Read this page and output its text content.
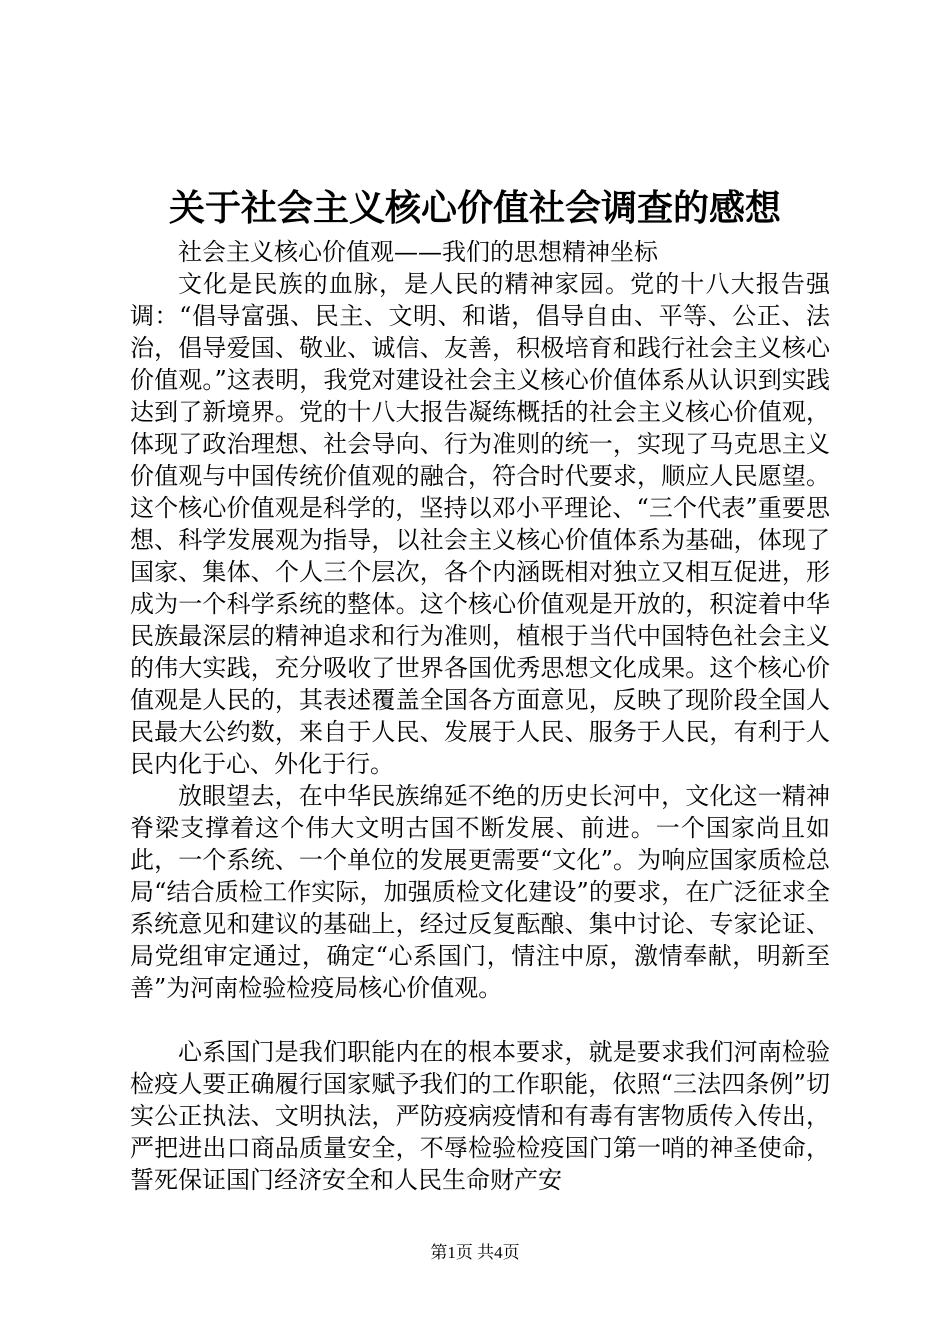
关于社会主义核心价值社会调查的感想

社会主义核心价值观——我们的思想精神坐标

文化是民族的血脉，是人民的精神家园。党的十八大报告强调：“倡导富强、民主、文明、和谐，倡导自由、平等、公正、法治，倡导爱国、敬业、诚信、友善，积极培育和践行社会主义核心价值观。”这表明，我党对建设社会主义核心价值体系从认识到实践达到了新境界。党的十八大报告凝练概括的社会主义核心价值观，体现了政治理想、社会导向、行为准则的统一，实现了马克思主义价值观与中国传统价值观的融合，符合时代要求，顺应人民愿望。这个核心价值观是科学的，坚持以邓小平理论、“三个代表”重要思想、科学发展观为指导，以社会主义核心价值体系为基础，体现了国家、集体、个人三个层次，各个内涵既相对独立又相互促进，形成为一个科学系统的整体。这个核心价值观是开放的，积淀着中华民族最深层的精神追求和行为准则，植根于当代中国特色社会主义的伟大实践，充分吸收了世界各国优秀思想文化成果。这个核心价值观是人民的，其表述覆盖全国各方面意见，反映了现阶段全国人民最大公约数，来自于人民、发展于人民、服务于人民，有利于人民内化于心、外化于行。

放眼望去，在中华民族绵延不绝的历史长河中，文化这一精神脊梁支撑着这个伟大文明古国不断发展、前进。一个国家尚且如此，一个系统、一个单位的发展更需要“文化”。为响应国家质检总局“结合质检工作实际，加强质检文化建设”的要求，在广泛征求全系统意见和建议的基础上，经过反复酝酿、集中讨论、专家论证、局党组审定通过，确定“心系国门，情注中原，激情奉献，明新至善”为河南检验检疫局核心价值观。

心系国门是我们职能内在的根本要求，就是要求我们河南检验检疫人要正确履行国家赋予我们的工作职能，依照“三法四条例”切实公正执法、文明执法，严防疫病疫情和有毒有害物质传入传出，严把进出口商品质量安全，不辱检验检疫国门第一哨的神圣使命，誓死保证国门经济安全和人民生命财产安

第1页 共4页
